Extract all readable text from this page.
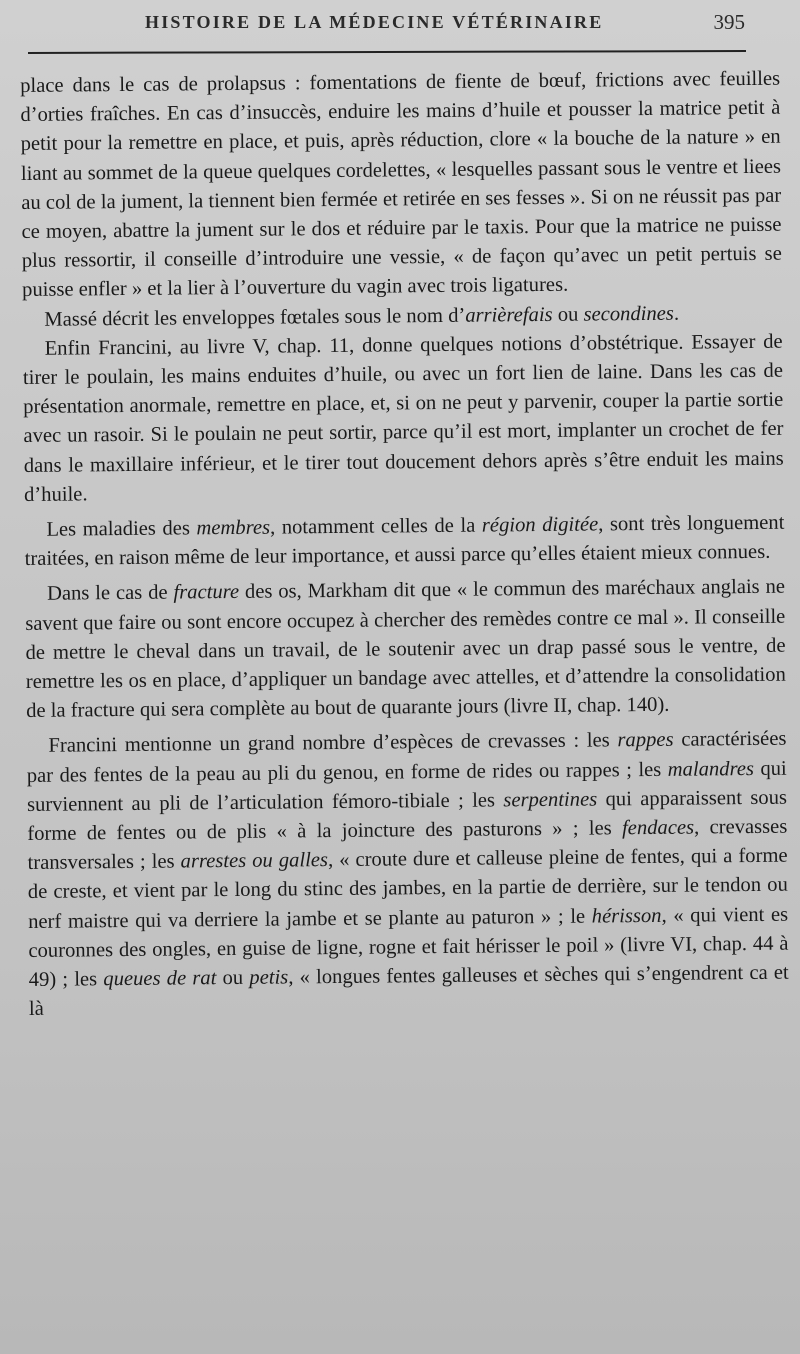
HISTOIRE DE LA MÉDECINE VÉTÉRINAIRE	395

place dans le cas de prolapsus : fomentations de fiente de bœuf, frictions avec feuilles d’orties fraîches. En cas d’insuccès, enduire les mains d’huile et pousser la matrice petit à petit pour la remettre en place, et puis, après réduction, clore « la bouche de la nature » en liant au sommet de la queue quelques cordelettes, « lesquelles passant sous le ventre et liees au col de la jument, la tiennent bien fermée et retirée en ses fesses ». Si on ne réussit pas par ce moyen, abattre la jument sur le dos et réduire par le taxis. Pour que la matrice ne puisse plus ressortir, il conseille d’introduire une vessie, « de façon qu’avec un petit pertuis se puisse enfler » et la lier à l’ouverture du vagin avec trois ligatures.

Massé décrit les enveloppes fœtales sous le nom d’arrièrefais ou secondines.

Enfin Francini, au livre V, chap. 11, donne quelques notions d’obstétrique. Essayer de tirer le poulain, les mains enduites d’huile, ou avec un fort lien de laine. Dans les cas de présentation anormale, remettre en place, et, si on ne peut y parvenir, couper la partie sortie avec un rasoir. Si le poulain ne peut sortir, parce qu’il est mort, implanter un crochet de fer dans le maxillaire inférieur, et le tirer tout doucement dehors après s’être enduit les mains d’huile.

Les maladies des membres, notamment celles de la région digitée, sont très longuement traitées, en raison même de leur importance, et aussi parce qu’elles étaient mieux connues.

Dans le cas de fracture des os, Markham dit que « le commun des maréchaux anglais ne savent que faire ou sont encore occupez à chercher des remèdes contre ce mal ». Il conseille de mettre le cheval dans un travail, de le soutenir avec un drap passé sous le ventre, de remettre les os en place, d’appliquer un bandage avec attelles, et d’attendre la consolidation de la fracture qui sera complète au bout de quarante jours (livre II, chap. 140).

Francini mentionne un grand nombre d’espèces de crevasses : les rappes caractérisées par des fentes de la peau au pli du genou, en forme de rides ou rappes ; les malandres qui surviennent au pli de l’articulation fémoro-tibiale ; les serpentines qui apparaissent sous forme de fentes ou de plis « à la joincture des pasturons » ; les fendaces, crevasses transversales ; les arrestes ou galles, « croute dure et calleuse pleine de fentes, qui a forme de creste, et vient par le long du stinc des jambes, en la partie de derrière, sur le tendon ou nerf maistre qui va derriere la jambe et se plante au paturon » ; le hérisson, « qui vient es couronnes des ongles, en guise de ligne, rogne et fait hérisser le poil » (livre VI, chap. 44 à 49) ; les queues de rat ou petis, « longues fentes galleuses et sèches qui s’engendrent ca et là
